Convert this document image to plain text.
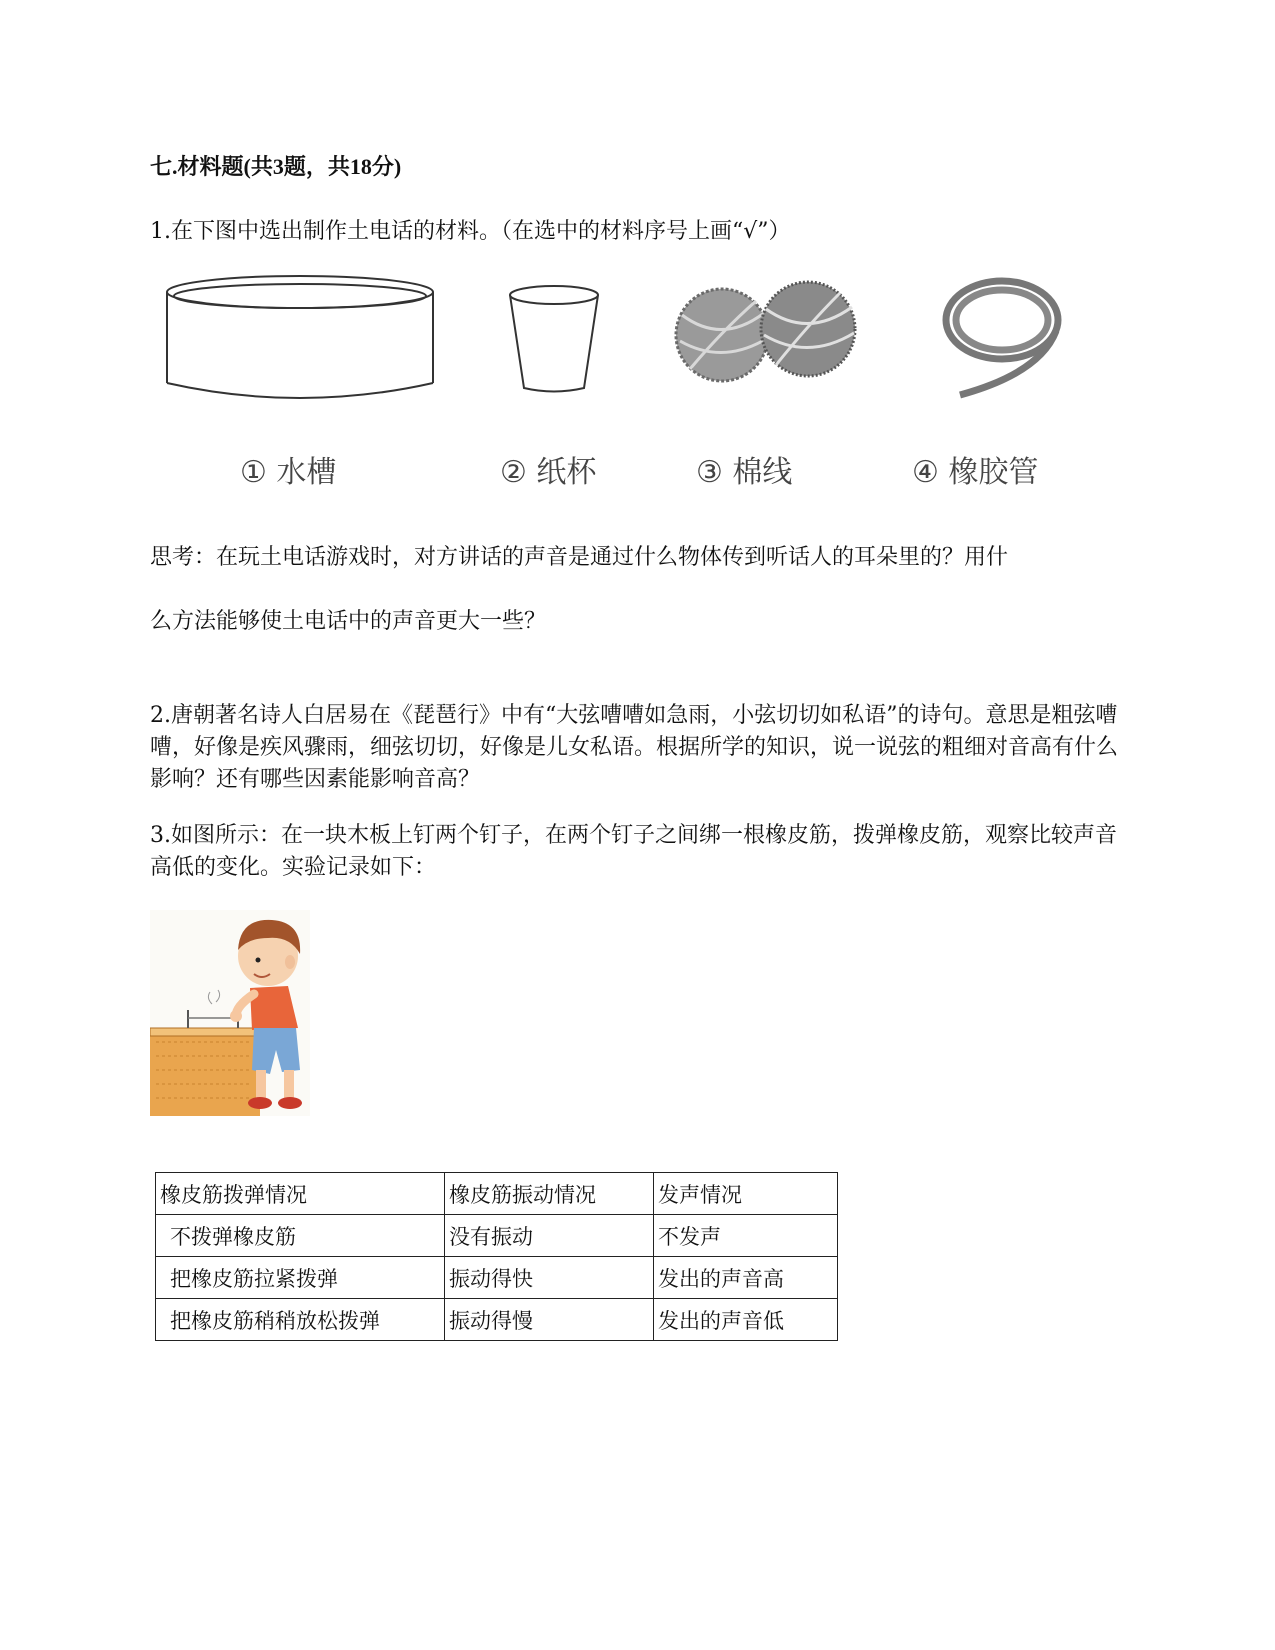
七.材料题(共3题，共18分)
1.在下图中选出制作土电话的材料。（在选中的材料序号上画“√”）
① 水槽	② 纸杯	③ 棉线	④ 橡胶管
思考：在玩土电话游戏时，对方讲话的声音是通过什么物体传到听话人的耳朵里的？用什
么方法能够使土电话中的声音更大一些？
2.唐朝著名诗人白居易在《琵琶行》中有“大弦嘈嘈如急雨，小弦切切如私语”的诗句。意思是粗弦嘈嘈，好像是疾风骤雨，细弦切切，好像是儿女私语。根据所学的知识，说一说弦的粗细对音高有什么影响？还有哪些因素能影响音高？
3.如图所示：在一块木板上钉两个钉子，在两个钉子之间绑一根橡皮筋，拨弹橡皮筋，观察比较声音高低的变化。实验记录如下：
橡皮筋拨弹情况	橡皮筋振动情况	发声情况
不拨弹橡皮筋	没有振动	不发声
把橡皮筋拉紧拨弹	振动得快	发出的声音高
把橡皮筋稍稍放松拨弹	振动得慢	发出的声音低
